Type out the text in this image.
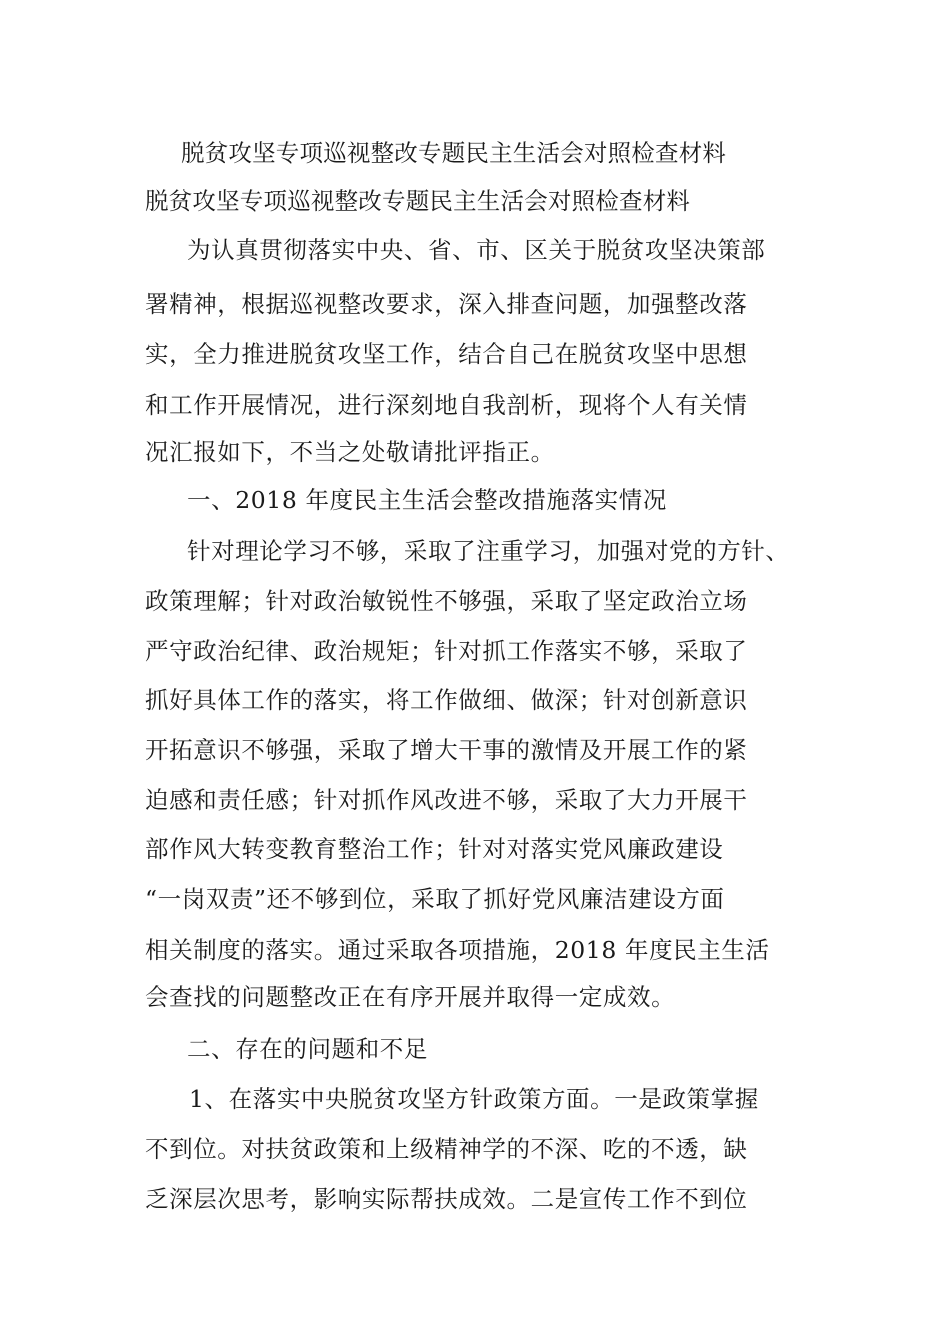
脱贫攻坚专项巡视整改专题民主生活会对照检查材料
脱贫攻坚专项巡视整改专题民主生活会对照检查材料
为认真贯彻落实中央、省、市、区关于脱贫攻坚决策部
署精神，根据巡视整改要求，深入排查问题，加强整改落
实，全力推进脱贫攻坚工作，结合自己在脱贫攻坚中思想
和工作开展情况，进行深刻地自我剖析，现将个人有关情
况汇报如下，不当之处敬请批评指正。
一、2018 年度民主生活会整改措施落实情况
针对理论学习不够，采取了注重学习，加强对党的方针、
政策理解；针对政治敏锐性不够强，采取了坚定政治立场
严守政治纪律、政治规矩；针对抓工作落实不够，采取了
抓好具体工作的落实，将工作做细、做深；针对创新意识
开拓意识不够强，采取了增大干事的激情及开展工作的紧
迫感和责任感；针对抓作风改进不够，采取了大力开展干
部作风大转变教育整治工作；针对对落实党风廉政建设
“一岗双责”还不够到位，采取了抓好党风廉洁建设方面
相关制度的落实。通过采取各项措施，2018 年度民主生活
会查找的问题整改正在有序开展并取得一定成效。
二、存在的问题和不足
1、在落实中央脱贫攻坚方针政策方面。一是政策掌握
不到位。对扶贫政策和上级精神学的不深、吃的不透，缺
乏深层次思考，影响实际帮扶成效。二是宣传工作不到位
